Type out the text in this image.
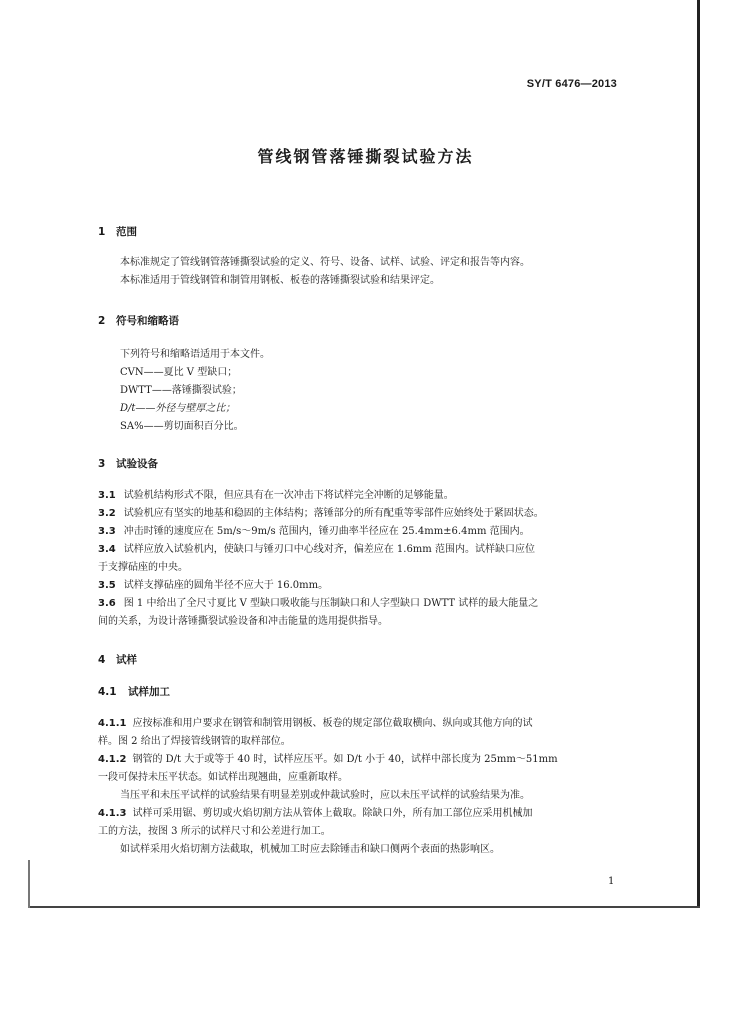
SY/T 6476—2013
管线钢管落锤撕裂试验方法
1 范围
本标准规定了管线钢管落锤撕裂试验的定义、符号、设备、试样、试验、评定和报告等内容。
本标准适用于管线钢管和制管用钢板、板卷的落锤撕裂试验和结果评定。
2 符号和缩略语
下列符号和缩略语适用于本文件。
CVN——夏比 V 型缺口；
DWTT——落锤撕裂试验；
D/t——外径与壁厚之比；
SA%——剪切面积百分比。
3 试验设备
3.1 试验机结构形式不限，但应具有在一次冲击下将试样完全冲断的足够能量。
3.2 试验机应有坚实的地基和稳固的主体结构；落锤部分的所有配重等零部件应始终处于紧固状态。
3.3 冲击时锤的速度应在 5m/s～9m/s 范围内，锤刃曲率半径应在 25.4mm±6.4mm 范围内。
3.4 试样应放入试验机内，使缺口与锤刃口中心线对齐，偏差应在 1.6mm 范围内。试样缺口应位
于支撑砧座的中央。
3.5 试样支撑砧座的圆角半径不应大于 16.0mm。
3.6 图 1 中给出了全尺寸夏比 V 型缺口吸收能与压制缺口和人字型缺口 DWTT 试样的最大能量之
间的关系，为设计落锤撕裂试验设备和冲击能量的选用提供指导。
4 试样
4.1 试样加工
4.1.1 应按标准和用户要求在钢管和制管用钢板、板卷的规定部位截取横向、纵向或其他方向的试
样。图 2 给出了焊接管线钢管的取样部位。
4.1.2 钢管的 D/t 大于或等于 40 时，试样应压平。如 D/t 小于 40，试样中部长度为 25mm～51mm
一段可保持未压平状态。如试样出现翘曲，应重新取样。
当压平和未压平试样的试验结果有明显差别或仲裁试验时，应以未压平试样的试验结果为准。
4.1.3 试样可采用锯、剪切或火焰切割方法从管体上截取。除缺口外，所有加工部位应采用机械加
工的方法，按图 3 所示的试样尺寸和公差进行加工。
如试样采用火焰切割方法截取，机械加工时应去除锤击和缺口侧两个表面的热影响区。
1
